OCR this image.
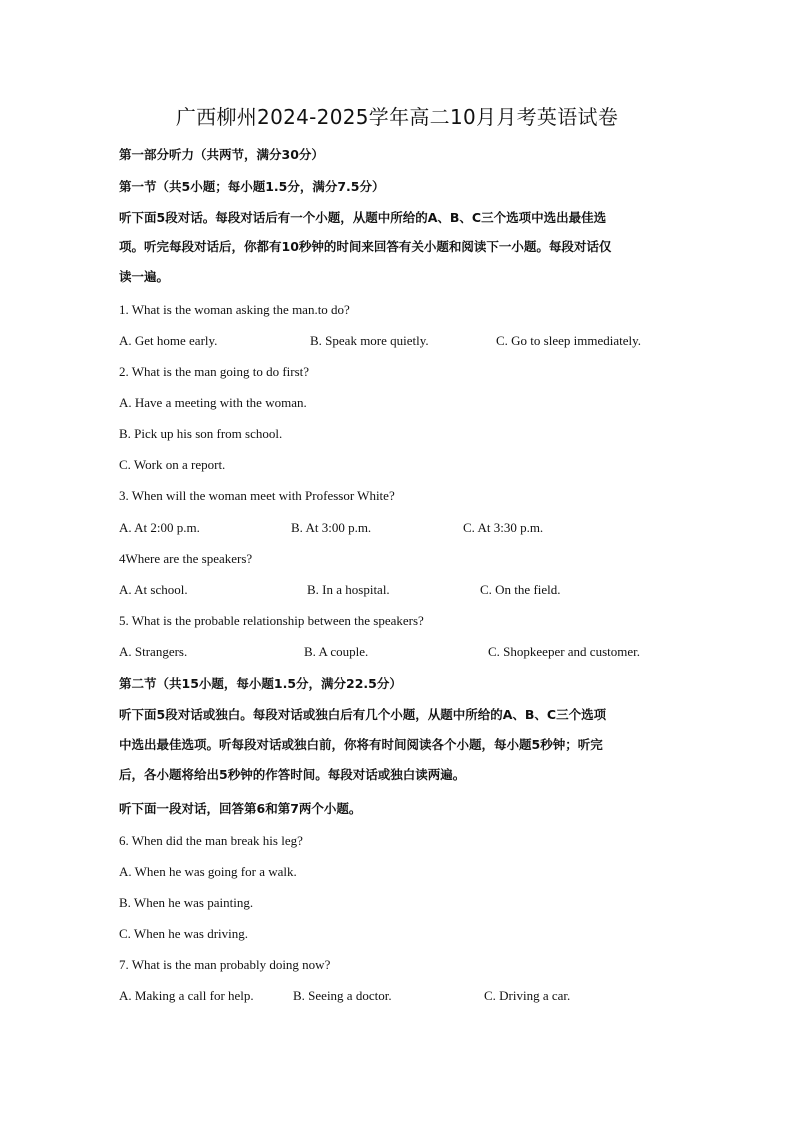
广西柳州2024-2025学年高二10月月考英语试卷
第一部分听力（共两节，满分30分）
第一节（共5小题；每小题1.5分，满分7.5分）
听下面5段对话。每段对话后有一个小题，从题中所给的A、B、C三个选项中选出最佳选
项。听完每段对话后，你都有10秒钟的时间来回答有关小题和阅读下一小题。每段对话仅
读一遍。
1. What is the woman asking the man.to do?
A. Get home early.	B. Speak more quietly.	C. Go to sleep immediately.
2. What is the man going to do first?
A. Have a meeting with the woman.
B. Pick up his son from school.
C. Work on a report.
3. When will the woman meet with Professor White?
A. At 2:00 p.m.	B. At 3:00 p.m.	C. At 3:30 p.m.
4Where are the speakers?
A. At school.	B. In a hospital.	C. On the field.
5. What is the probable relationship between the speakers?
A. Strangers.	B. A couple.	C. Shopkeeper and customer.
第二节（共15小题，每小题1.5分，满分22.5分）
听下面5段对话或独白。每段对话或独白后有几个小题，从题中所给的A、B、C三个选项
中选出最佳选项。听每段对话或独白前，你将有时间阅读各个小题，每小题5秒钟；听完
后，各小题将给出5秒钟的作答时间。每段对话或独白读两遍。
听下面一段对话，回答第6和第7两个小题。
6. When did the man break his leg?
A. When he was going for a walk.
B. When he was painting.
C. When he was driving.
7. What is the man probably doing now?
A. Making a call for help.	B. Seeing a doctor.	C. Driving a car.
